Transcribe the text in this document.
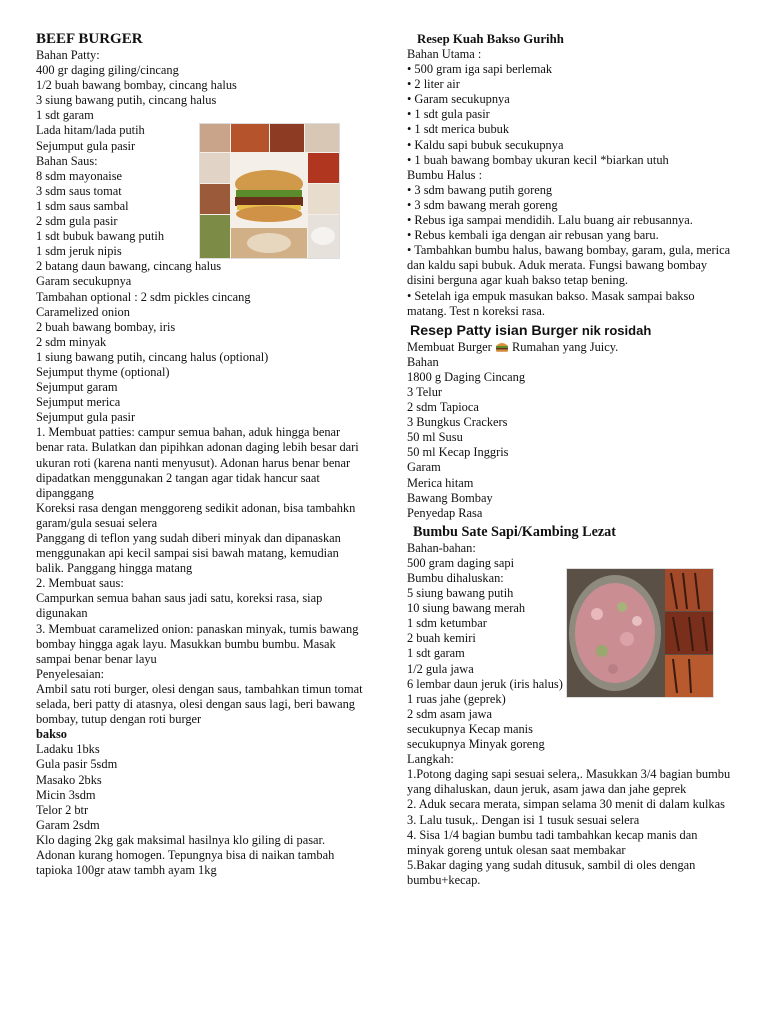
BEEF BURGER
Bahan Patty:
400 gr daging giling/cincang
1/2 buah bawang bombay, cincang halus
3 siung bawang putih, cincang halus
1 sdt garam
Lada hitam/lada putih
Sejumput gula pasir
Bahan Saus:
8 sdm mayonaise
3 sdm saus tomat
1 sdm saus sambal
2 sdm gula pasir
1 sdt bubuk bawang putih
1 sdm jeruk nipis
2 batang daun bawang, cincang halus
Garam secukupnya
Tambahan optional : 2 sdm pickles cincang
Caramelized onion
2 buah bawang bombay, iris
2 sdm minyak
1 siung bawang putih, cincang halus (optional)
Sejumput thyme (optional)
Sejumput garam
Sejumput merica
Sejumput gula pasir
1. Membuat patties: campur semua bahan, aduk hingga benar benar rata. Bulatkan dan pipihkan adonan daging lebih besar dari ukuran roti (karena nanti menyusut). Adonan harus benar benar dipadatkan menggunakan 2 tangan agar tidak hancur saat dipanggang
Koreksi rasa dengan menggoreng sedikit adonan, bisa tambahkn garam/gula sesuai selera
Panggang di teflon yang sudah diberi minyak dan dipanaskan menggunakan api kecil sampai sisi bawah matang, kemudian balik. Panggang hingga matang
2. Membuat saus:
Campurkan semua bahan saus jadi satu, koreksi rasa, siap digunakan
3. Membuat caramelized onion: panaskan minyak, tumis bawang bombay hingga agak layu. Masukkan bumbu bumbu. Masak sampai benar benar layu
Penyelesaian:
Ambil satu roti burger, olesi dengan saus, tambahkan timun tomat selada, beri patty di atasnya, olesi dengan saus lagi, beri bawang bombay, tutup dengan roti burger
bakso
Ladaku 1bks
Gula pasir 5sdm
Masako 2bks
Micin 3sdm
Telor 2 btr
Garam 2sdm
Klo daging 2kg gak maksimal hasilnya klo giling di pasar. Adonan kurang homogen. Tepungnya bisa di naikan tambah tapioka 100gr ataw tambh ayam 1kg
Resep Kuah Bakso Gurihh
Bahan Utama :
• 500 gram iga sapi berlemak
• 2 liter air
• Garam secukupnya
• 1 sdt gula pasir
• 1 sdt merica bubuk
• Kaldu sapi bubuk secukupnya
• 1 buah bawang bombay ukuran kecil *biarkan utuh
Bumbu Halus :
• 3 sdm bawang putih goreng
• 3 sdm bawang merah goreng
• Rebus iga sampai mendidih. Lalu buang air rebusannya.
• Rebus kembali iga dengan air rebusan yang baru.
• Tambahkan bumbu halus, bawang bombay, garam, gula, merica dan kaldu sapi bubuk. Aduk merata. Fungsi bawang bombay disini berguna agar kuah bakso tetap bening.
• Setelah iga empuk masukan bakso. Masak sampai bakso matang. Test n koreksi rasa.
Resep Patty isian Burger nik rosidah
Membuat Burger  Rumahan yang Juicy.
Bahan
1800 g Daging Cincang
3 Telur
2 sdm Tapioca
3 Bungkus Crackers
50 ml Susu
50 ml Kecap Inggris
Garam
Merica hitam
Bawang Bombay
Penyedap Rasa
Bumbu Sate Sapi/Kambing Lezat
Bahan-bahan:
500 gram daging sapi
Bumbu dihaluskan:
5 siung bawang putih
10 siung bawang merah
1 sdm ketumbar
2 buah kemiri
1 sdt garam
1/2 gula jawa
6 lembar daun jeruk (iris halus)
1 ruas jahe (geprek)
2 sdm asam jawa
secukupnya Kecap manis
secukupnya Minyak goreng
Langkah:
1.Potong daging sapi sesuai selera,. Masukkan 3/4 bagian bumbu yang dihaluskan, daun jeruk, asam jawa dan jahe geprek
2. Aduk secara merata, simpan selama 30 menit di dalam kulkas
3. Lalu tusuk,. Dengan isi 1 tusuk sesuai selera
4. Sisa 1/4 bagian bumbu tadi tambahkan kecap manis dan minyak goreng untuk olesan saat membakar
5.Bakar daging yang sudah ditusuk, sambil di oles dengan bumbu+kecap.
